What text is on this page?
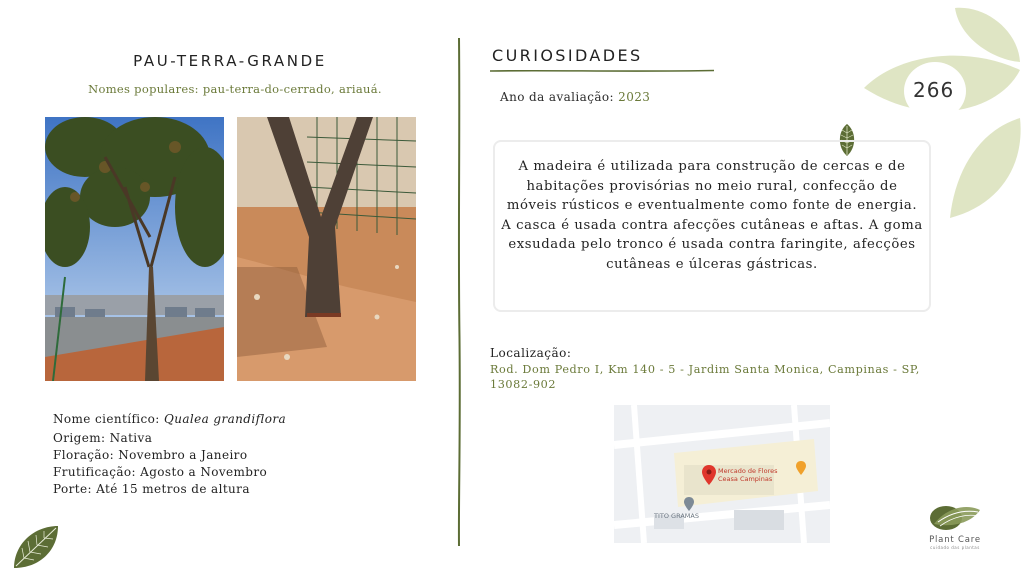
266
PAU-TERRA-GRANDE
Nomes populares: pau-terra-do-cerrado, ariauá.
Nome científico: Qualea grandiflora
Origem: Nativa
Floração: Novembro a Janeiro
Frutificação: Agosto a Novembro
Porte: Até 15 metros de altura
CURIOSIDADES
Ano da avaliação: 2023
A madeira é utilizada para construção de cercas e de habitações provisórias no meio rural, confecção de móveis rústicos e eventualmente como fonte de energia. A casca é usada contra afecções cutâneas e aftas. A goma exsudada pelo tronco é usada contra faringite, afecções cutâneas e úlceras gástricas.
Localização:
Rod. Dom Pedro I, Km 140 - 5 - Jardim Santa Monica, Campinas - SP, 13082-902
Mercado de Flores
Ceasa Campinas
TITO GRAMAS
Plant Care
cuidado das plantas
